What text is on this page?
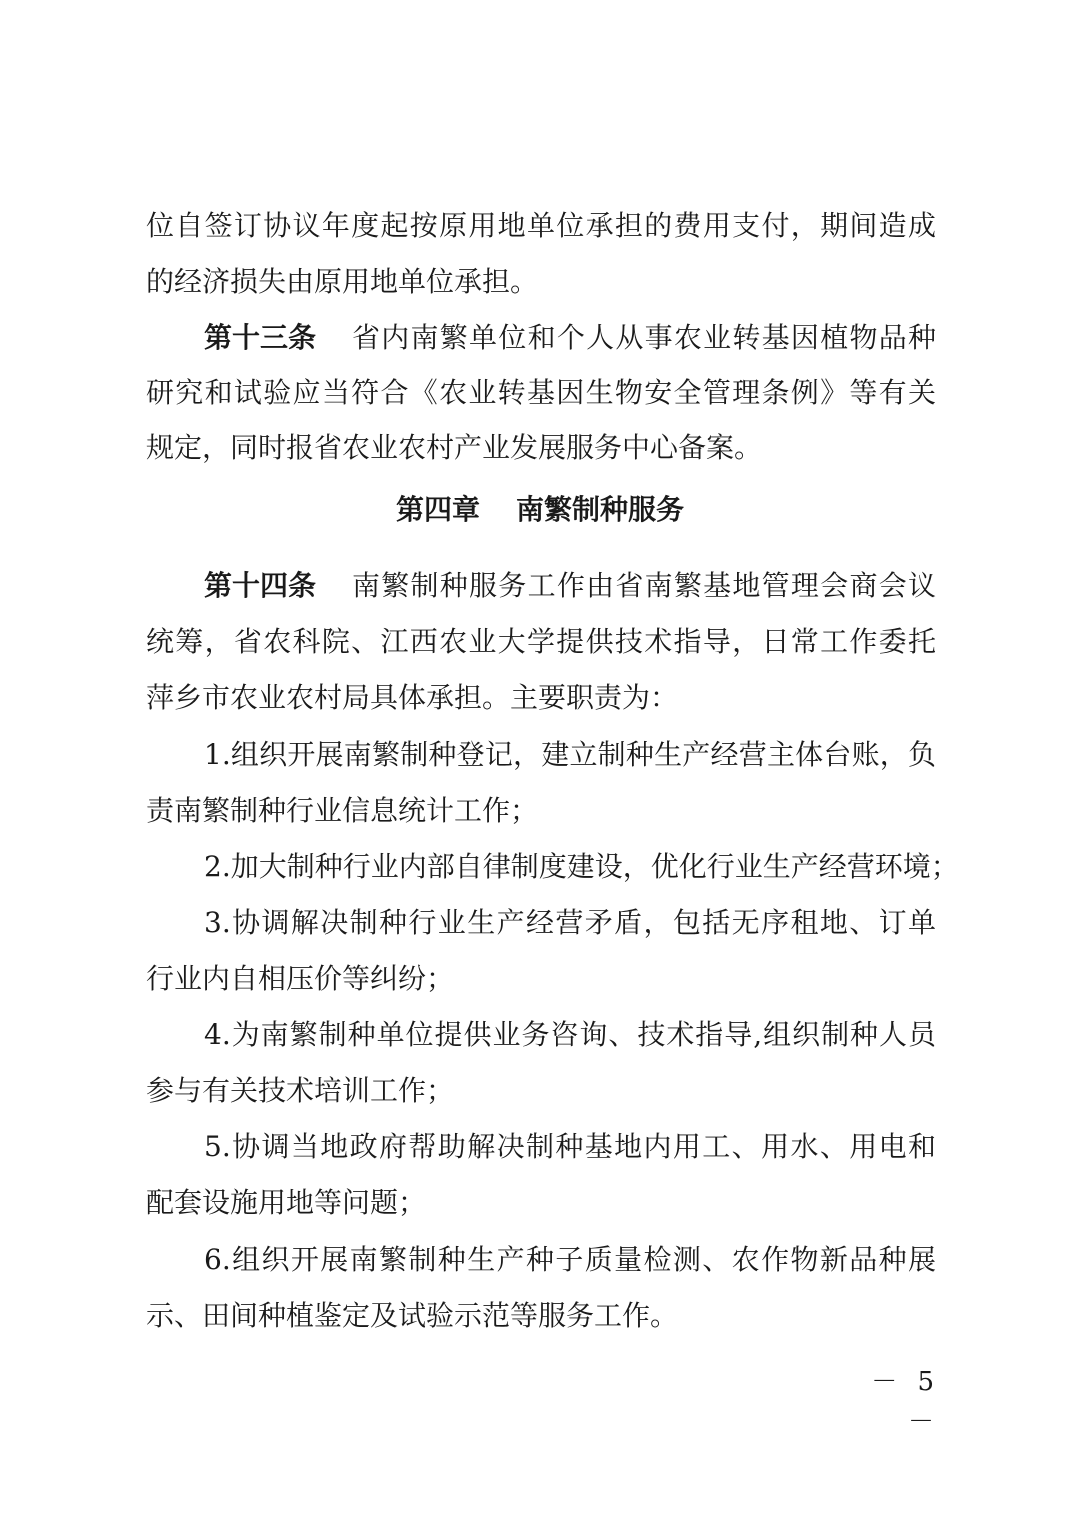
位自签订协议年度起按原用地单位承担的费用支付，期间造成
的经济损失由原用地单位承担。
第十三条	省内南繁单位和个人从事农业转基因植物品种
研究和试验应当符合《农业转基因生物安全管理条例》等有关
规定，同时报省农业农村产业发展服务中心备案。
第四章 南繁制种服务
第十四条	南繁制种服务工作由省南繁基地管理会商会议
统筹，省农科院、江西农业大学提供技术指导，日常工作委托
萍乡市农业农村局具体承担。主要职责为：
1.组织开展南繁制种登记，建立制种生产经营主体台账，负
责南繁制种行业信息统计工作；
2.加大制种行业内部自律制度建设，优化行业生产经营环境；
3.协调解决制种行业生产经营矛盾，包括无序租地、订单
行业内自相压价等纠纷；
4.为南繁制种单位提供业务咨询、技术指导,组织制种人员
参与有关技术培训工作；
5.协调当地政府帮助解决制种基地内用工、用水、用电和
配套设施用地等问题；
6.组织开展南繁制种生产种子质量检测、农作物新品种展
示、田间种植鉴定及试验示范等服务工作。
－ 5 －
